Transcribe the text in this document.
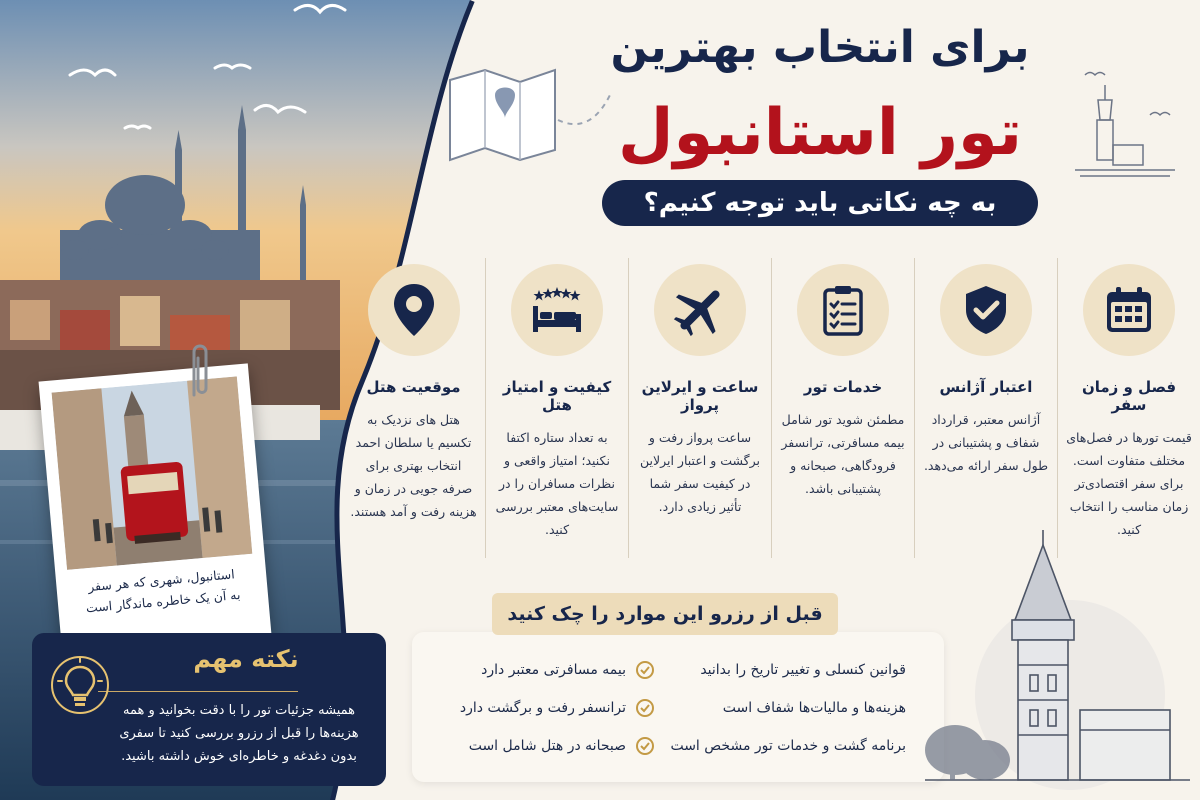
برای انتخاب بهترین
تور استانبول
به چه نکاتی باید توجه کنیم؟
فصل و زمان سفر
قیمت تورها در فصل‌های مختلف متفاوت است. برای سفر اقتصادی‌تر زمان مناسب را انتخاب کنید.
اعتبار آژانس
آژانس معتبر، قرارداد شفاف و پشتیبانی در طول سفر ارائه می‌دهد.
خدمات تور
مطمئن شوید تور شامل بیمه مسافرتی، ترانسفر فرودگاهی، صبحانه و پشتیبانی باشد.
ساعت و ایرلاین پرواز
ساعت پرواز رفت و برگشت و اعتبار ایرلاین در کیفیت سفر شما تأثیر زیادی دارد.
کیفیت و امتیاز هتل
به تعداد ستاره اکتفا نکنید؛ امتیاز واقعی و نظرات مسافران را در سایت‌های معتبر بررسی کنید.
موقعیت هتل
هتل های نزدیک به تکسیم یا سلطان احمد انتخاب بهتری برای صرفه جویی در زمان و هزینه رفت و آمد هستند.
استانبول، شهری که هر سفر
به آن یک خاطره ماندگار است
نکته مهم
همیشه جزئیات تور را با دقت بخوانید و همه هزینه‌ها را قبل از رزرو بررسی کنید تا سفری بدون دغدغه و خاطره‌ای خوش داشته باشید.
قوانین کنسلی و تغییر تاریخ را بدانید
هزینه‌ها و مالیات‌ها شفاف است
برنامه گشت و خدمات تور مشخص است
بیمه مسافرتی معتبر دارد
ترانسفر رفت و برگشت دارد
صبحانه در هتل شامل است
قبل از رزرو این موارد را چک کنید
